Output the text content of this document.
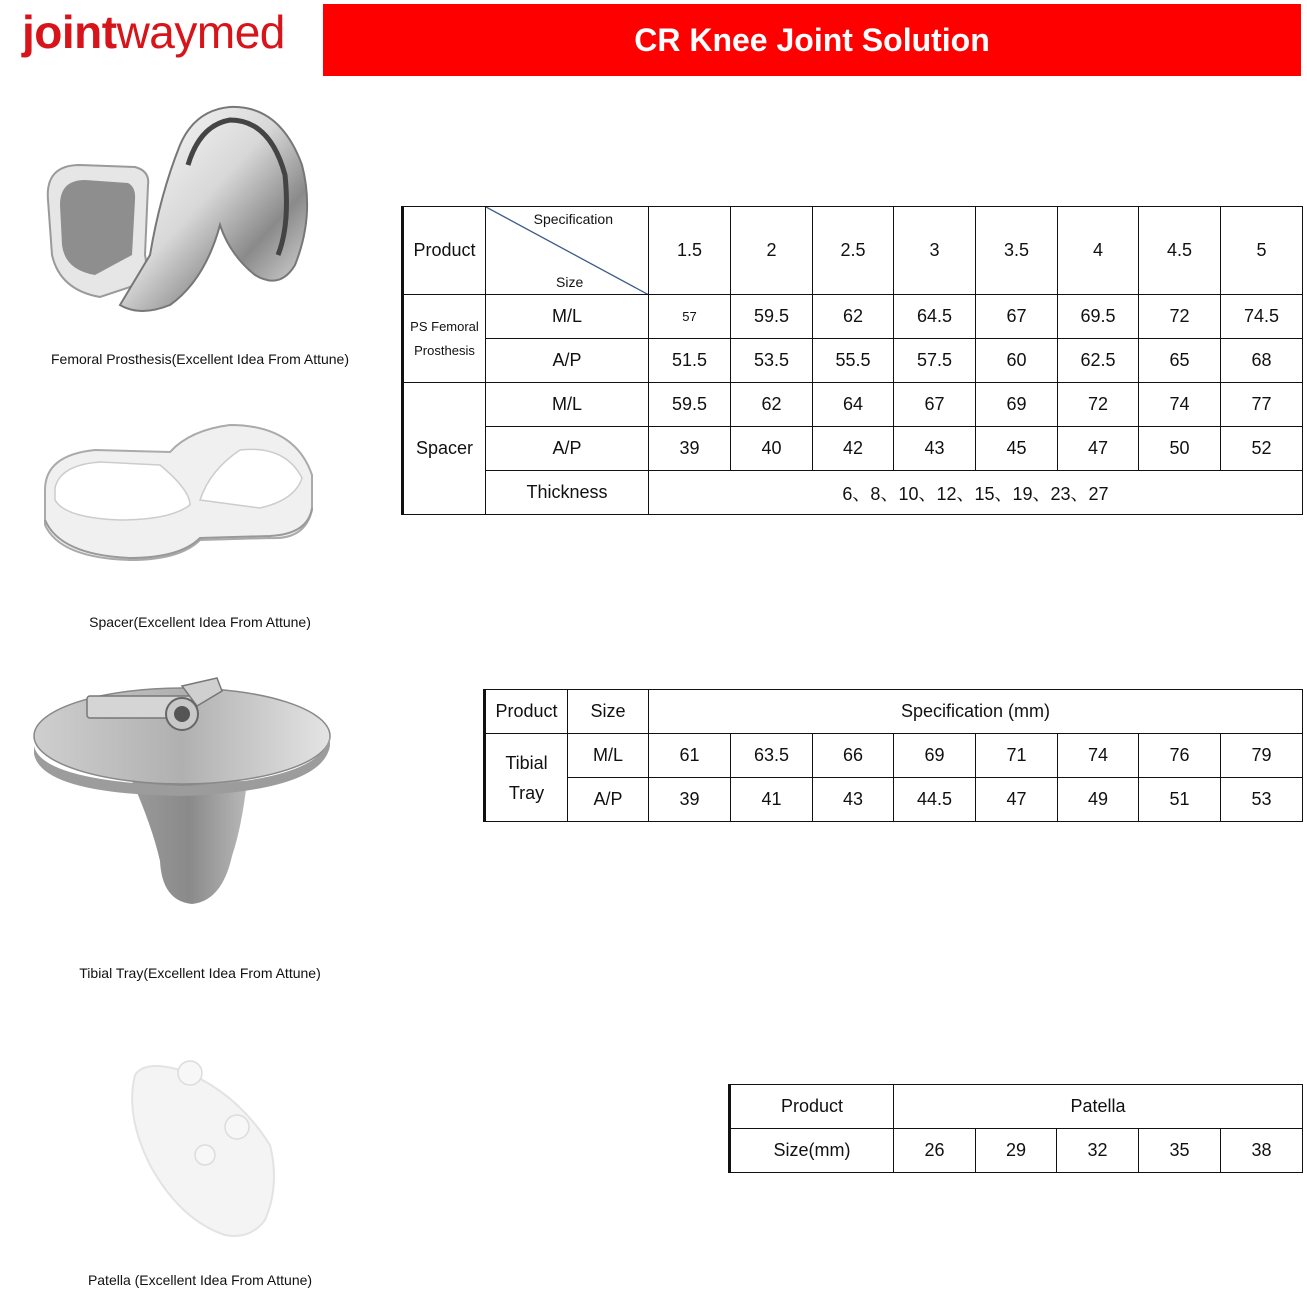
jointwaymed	CR Knee Joint Solution
Femoral Prosthesis(Excellent Idea From Attune)
Spacer(Excellent Idea From Attune)
Tibial Tray(Excellent Idea From Attune)
Patella (Excellent Idea From Attune)
Product	Specification
Size	1.5	2	2.5	3	3.5	4	4.5	5
PS Femoral Prosthesis	M/L	57	59.5	62	64.5	67	69.5	72	74.5
	A/P	51.5	53.5	55.5	57.5	60	62.5	65	68
Spacer	M/L	59.5	62	64	67	69	72	74	77
	A/P	39	40	42	43	45	47	50	52
	Thickness	6、8、10、12、15、19、23、27							
Product	Size	Specification (mm)							

Tibial
Tray	M/L	61	63.5	66	69	71	74	76	79
	A/P	39	41	43	44.5	47	49	51	53
Product	Patella				
Size(mm)	26	29	32	35	38
